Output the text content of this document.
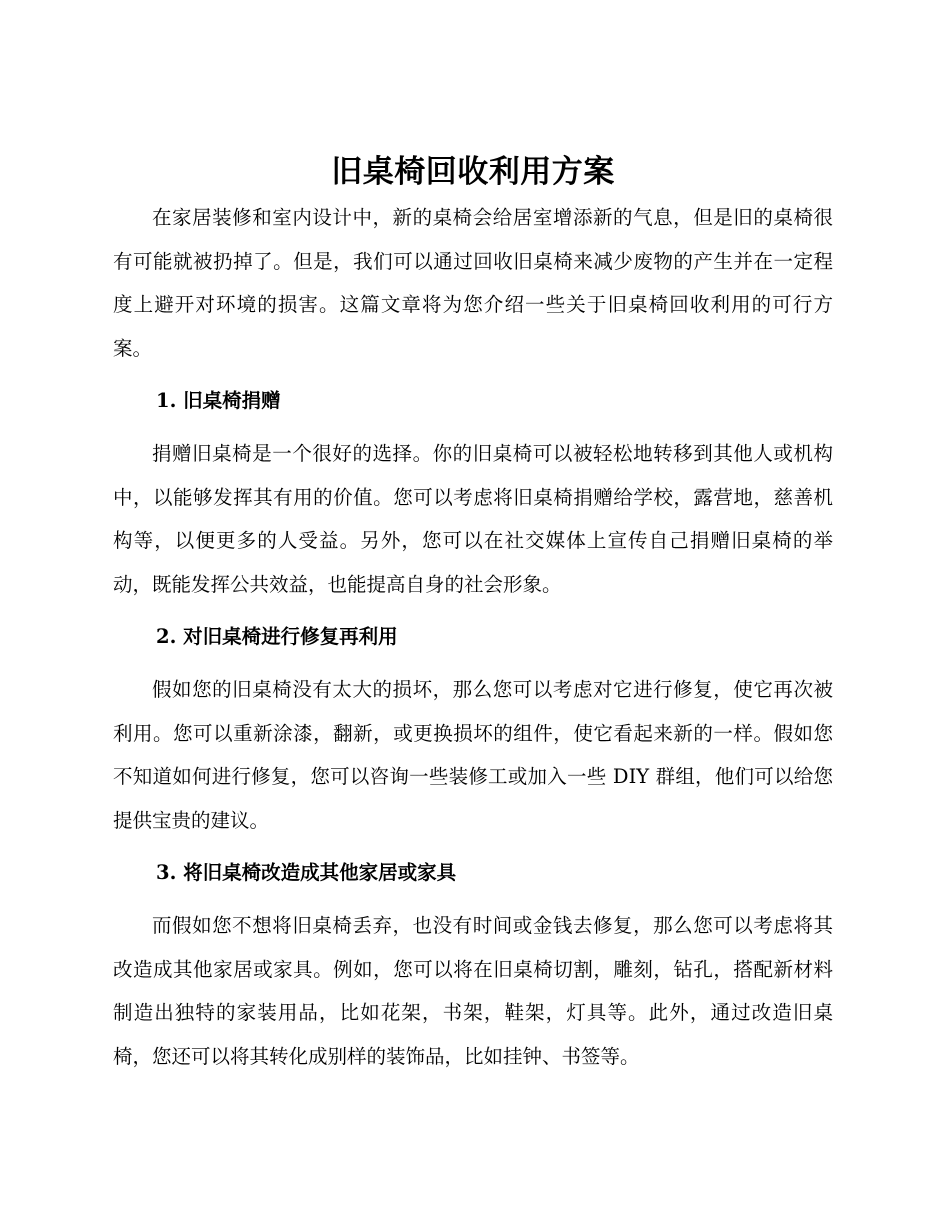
旧桌椅回收利用方案

在家居装修和室内设计中，新的桌椅会给居室增添新的气息，但是旧的桌椅很有可能就被扔掉了。但是，我们可以通过回收旧桌椅来减少废物的产生并在一定程度上避开对环境的损害。这篇文章将为您介绍一些关于旧桌椅回收利用的可行方案。

1. 旧桌椅捐赠

捐赠旧桌椅是一个很好的选择。你的旧桌椅可以被轻松地转移到其他人或机构中，以能够发挥其有用的价值。您可以考虑将旧桌椅捐赠给学校，露营地，慈善机构等，以便更多的人受益。另外，您可以在社交媒体上宣传自己捐赠旧桌椅的举动，既能发挥公共效益，也能提高自身的社会形象。

2. 对旧桌椅进行修复再利用

假如您的旧桌椅没有太大的损坏，那么您可以考虑对它进行修复，使它再次被利用。您可以重新涂漆，翻新，或更换损坏的组件，使它看起来新的一样。假如您不知道如何进行修复，您可以咨询一些装修工或加入一些 DIY 群组，他们可以给您提供宝贵的建议。

3. 将旧桌椅改造成其他家居或家具

而假如您不想将旧桌椅丢弃，也没有时间或金钱去修复，那么您可以考虑将其改造成其他家居或家具。例如，您可以将在旧桌椅切割，雕刻，钻孔，搭配新材料制造出独特的家装用品，比如花架，书架，鞋架，灯具等。此外，通过改造旧桌椅，您还可以将其转化成别样的装饰品，比如挂钟、书签等。
